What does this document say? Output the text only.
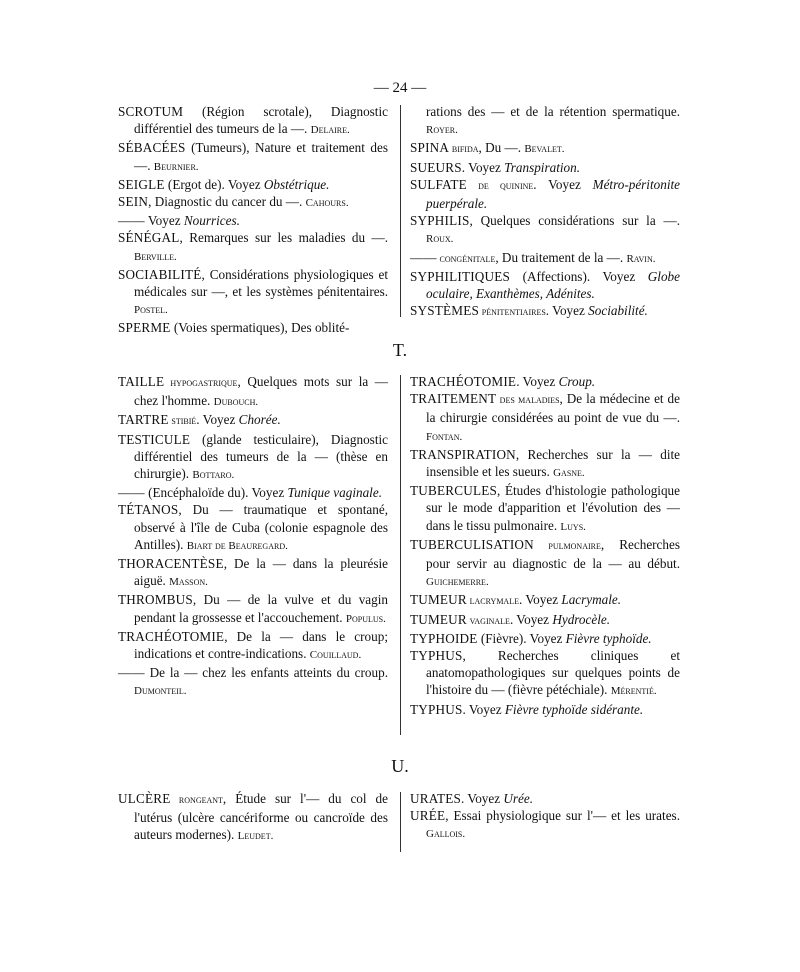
— 24 —

SCROTUM (Région scrotale), Diagnostic différentiel des tumeurs de la —. Delaire.

SÉBACÉES (Tumeurs), Nature et traitement des —. Beurnier.

SEIGLE (Ergot de). Voyez Obstétrique.

SEIN, Diagnostic du cancer du —. Cahours.

—— Voyez Nourrices.

SÉNÉGAL, Remarques sur les maladies du —. Berville.

SOCIABILITÉ, Considérations physiologiques et médicales sur —, et les systèmes pénitentaires. Postel.

SPERME (Voies spermatiques), Des oblité-

rations des — et de la rétention spermatique. Royer.

SPINA bifida, Du —. Bevalet.

SUEURS. Voyez Transpiration.

SULFATE de quinine. Voyez Métro-péritonite puerpérale.

SYPHILIS, Quelques considérations sur la —. Roux.

—— congénitale, Du traitement de la —. Ravin.

SYPHILITIQUES (Affections). Voyez Globe oculaire, Exanthèmes, Adénites.

SYSTÈMES pénitentiaires. Voyez Sociabilité.

T.

TAILLE hypogastrique, Quelques mots sur la — chez l'homme. Dubouch.

TARTRE stibié. Voyez Chorée.

TESTICULE (glande testiculaire), Diagnostic différentiel des tumeurs de la — (thèse en chirurgie). Bottaro.

—— (Encéphaloïde du). Voyez Tunique vaginale.

TÉTANOS, Du — traumatique et spontané, observé à l'île de Cuba (colonie espagnole des Antilles). Biart de Beauregard.

THORACENTÈSE, De la — dans la pleurésie aiguë. Masson.

THROMBUS, Du — de la vulve et du vagin pendant la grossesse et l'accouchement. Populus.

TRACHÉOTOMIE, De la — dans le croup; indications et contre-indications. Couillaud.

—— De la — chez les enfants atteints du croup. Dumonteil.

TRACHÉOTOMIE. Voyez Croup.

TRAITEMENT des maladies, De la médecine et de la chirurgie considérées au point de vue du —. Fontan.

TRANSPIRATION, Recherches sur la — dite insensible et les sueurs. Gasne.

TUBERCULES, Études d'histologie pathologique sur le mode d'apparition et l'évolution des — dans le tissu pulmonaire. Luys.

TUBERCULISATION pulmonaire, Recherches pour servir au diagnostic de la — au début. Guichemerre.

TUMEUR lacrymale. Voyez Lacrymale.

TUMEUR vaginale. Voyez Hydrocèle.

TYPHOIDE (Fièvre). Voyez Fièvre typhoïde.

TYPHUS, Recherches cliniques et anatomopathologiques sur quelques points de l'histoire du — (fièvre pétéchiale). Mérentié.

TYPHUS. Voyez Fièvre typhoïde sidérante.

U.

ULCÈRE rongeant, Étude sur l'— du col de l'utérus (ulcère cancériforme ou cancroïde des auteurs modernes). Leudet.

URATES. Voyez Urée.

URÉE, Essai physiologique sur l'— et les urates. Gallois.
